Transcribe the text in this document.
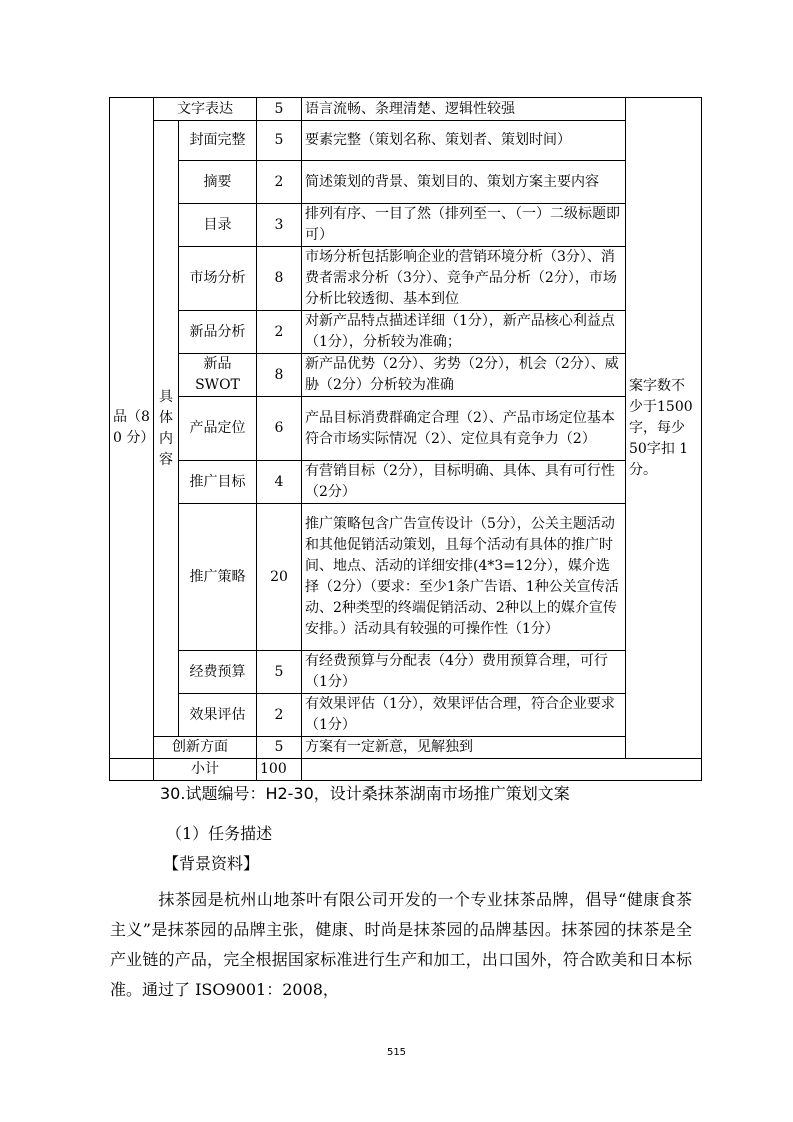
品（8 0 分）	文字表达		5	语言流畅、条理清楚、逻辑性较强	案字数不少于1500字，每少 50字扣 1分。
	具体内容	封面完整	5	要素完整（策划名称、策划者、策划时间）	
		摘要	2	简述策划的背景、策划目的、策划方案主要内容	
		目录	3	排列有序、一目了然（排列至一、（一）二级标题即可）	
		市场分析	8	市场分析包括影响企业的营销环境分析（3分）、消费者需求分析（3分）、竞争产品分析（2分），市场分析比较透彻、基本到位	
		新品分析	2	对新产品特点描述详细（1分），新产品核心利益点（1分），分析较为准确；	
		新品SWOT	8	新产品优势（2分）、劣势（2分），机会（2分）、威胁（2分）分析较为准确	
		产品定位	6	产品目标消费群确定合理（2）、产品市场定位基本符合市场实际情况（2）、定位具有竞争力（2）	
		推广目标	4	有营销目标（2分），目标明确、具体、具有可行性（2分）	
		推广策略	20	推广策略包含广告宣传设计（5分），公关主题活动和其他促销活动策划，且每个活动有具体的推广时间、地点、活动的详细安排(4*3=12分），媒介选择（2分）（要求：至少1条广告语、1种公关宣传活动、2种类型的终端促销活动、2种以上的媒介宣传安排。）活动具有较强的可操作性（1分）	
		经费预算	5	有经费预算与分配表（4分）费用预算合理，可行（1分）	
		效果评估	2	有效果评估（1分），效果评估合理，符合企业要求（1分）	
	创新方面		5	方案有一定新意，见解独到	
	小计		100		
30.试题编号：H2-30，设计桑抹茶湖南市场推广策划文案
（1）任务描述
【背景资料】

抹茶园是杭州山地茶叶有限公司开发的一个专业抹茶品牌，倡导“健康食茶主义”是抹茶园的品牌主张，健康、时尚是抹茶园的品牌基因。抹茶园的抹茶是全产业链的产品，完全根据国家标准进行生产和加工，出口国外，符合欧美和日本标准。通过了 ISO9001：2008，

515
